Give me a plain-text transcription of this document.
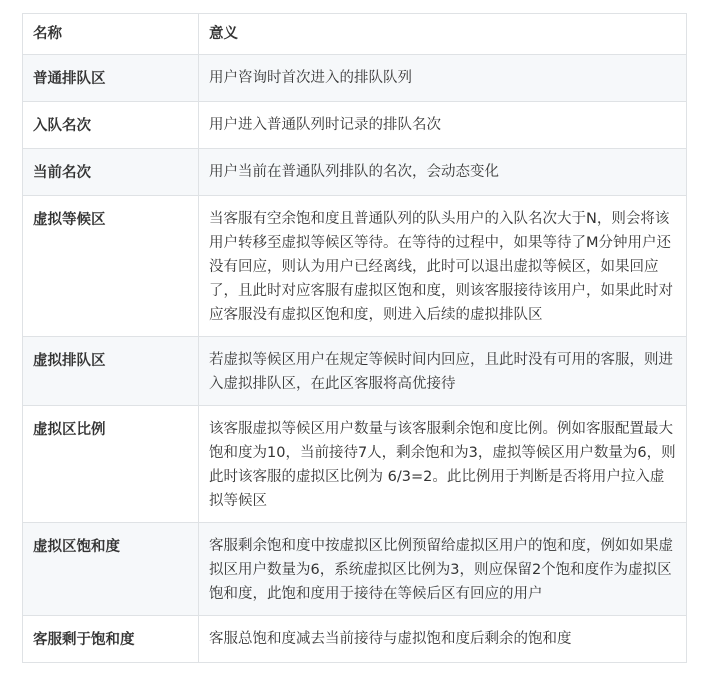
名称	意义
普通排队区	用户咨询时首次进入的排队队列
入队名次	用户进入普通队列时记录的排队名次
当前名次	用户当前在普通队列排队的名次，会动态变化
虚拟等候区	当客服有空余饱和度且普通队列的队头用户的入队名次大于N，则会将该用户转移至虚拟等候区等待。在等待的过程中，如果等待了M分钟用户还没有回应，则认为用户已经离线，此时可以退出虚拟等候区，如果回应了，且此时对应客服有虚拟区饱和度，则该客服接待该用户，如果此时对应客服没有虚拟区饱和度，则进入后续的虚拟排队区
虚拟排队区	若虚拟等候区用户在规定等候时间内回应，且此时没有可用的客服，则进入虚拟排队区，在此区客服将高优接待
虚拟区比例	该客服虚拟等候区用户数量与该客服剩余饱和度比例。例如客服配置最大饱和度为10，当前接待7人，剩余饱和为3，虚拟等候区用户数量为6，则此时该客服的虚拟区比例为 6/3=2。此比例用于判断是否将用户拉入虚拟等候区
虚拟区饱和度	客服剩余饱和度中按虚拟区比例预留给虚拟区用户的饱和度，例如如果虚拟区用户数量为6，系统虚拟区比例为3，则应保留2个饱和度作为虚拟区饱和度，此饱和度用于接待在等候后区有回应的用户
客服剩于饱和度	客服总饱和度减去当前接待与虚拟饱和度后剩余的饱和度
